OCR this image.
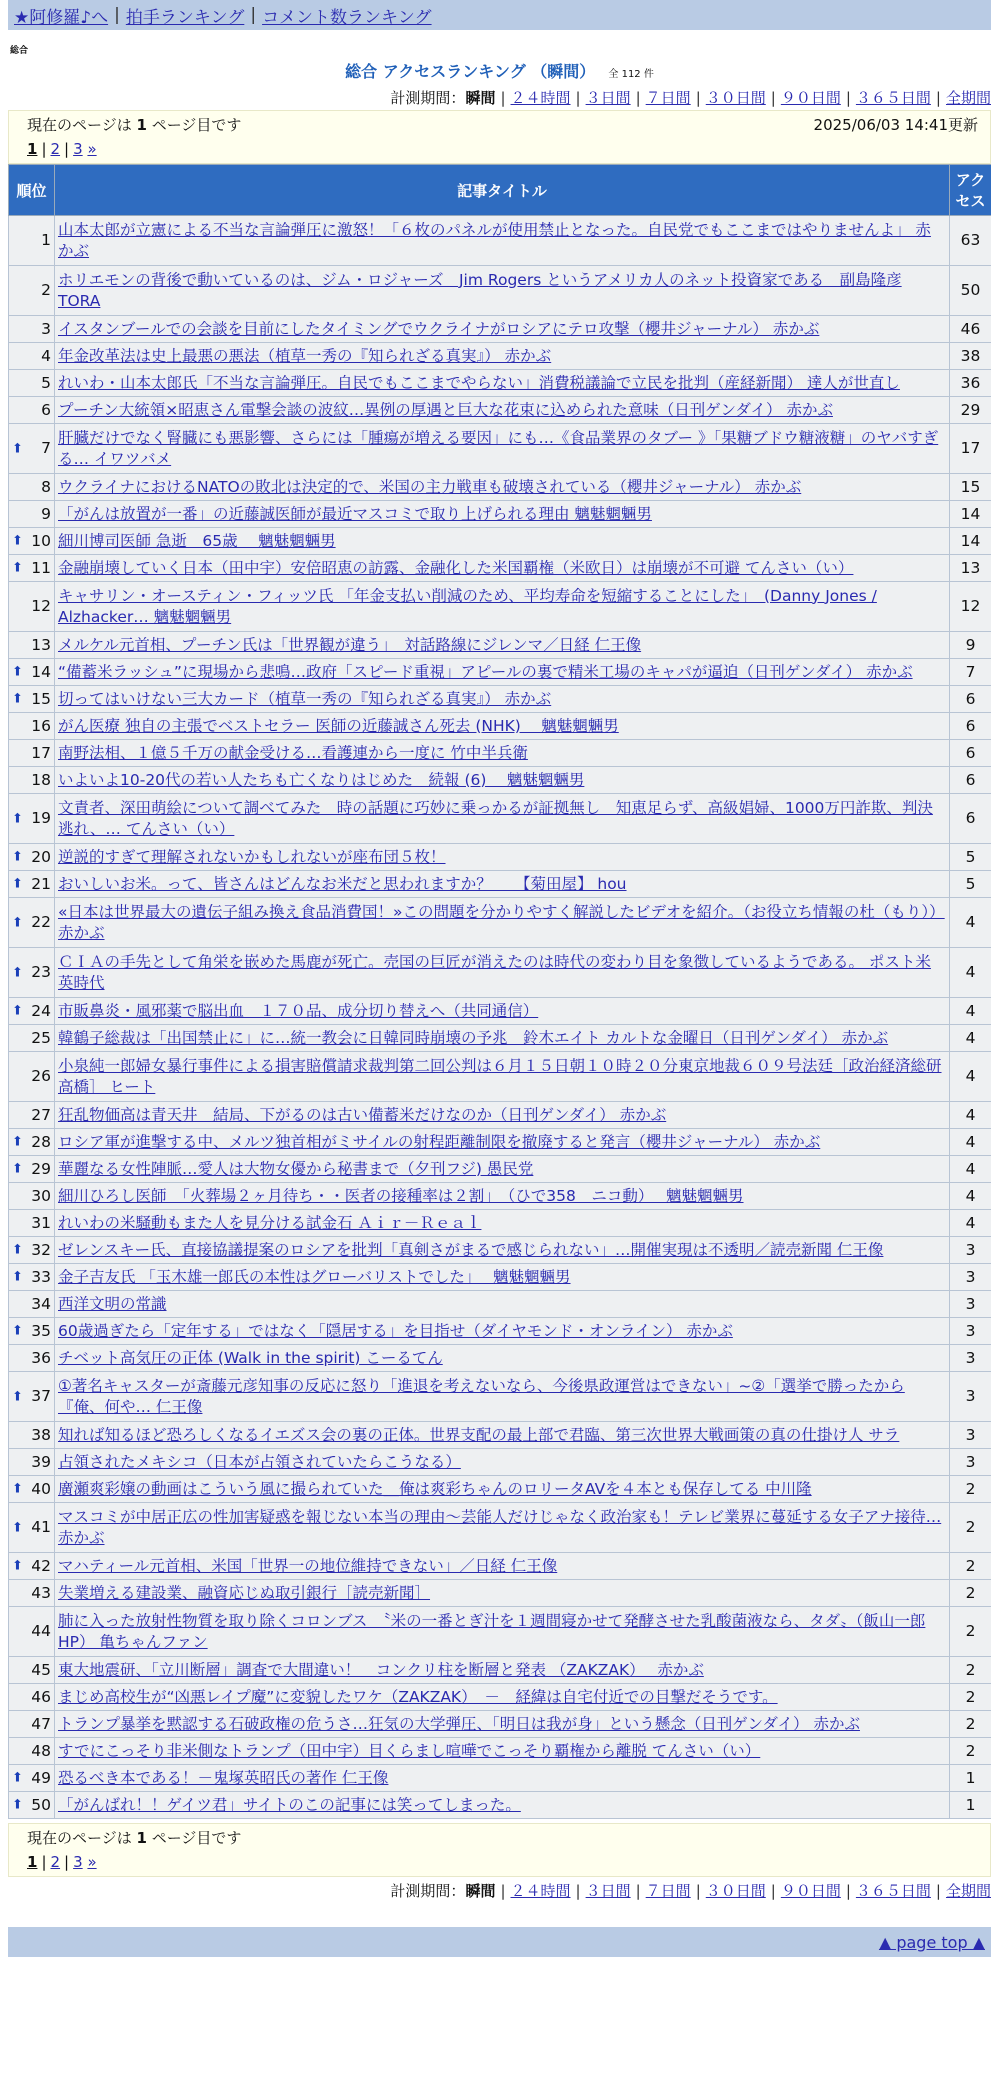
★阿修羅♪へ | 拍手ランキング | コメント数ランキング
総合
総合 アクセスランキング （瞬間） 全 112 件
計測期間：瞬間 | ２４時間 | ３日間 | ７日間 | ３０日間 | ９０日間 | ３６５日間 | 全期間
現在のページは 1 ページ目です	2025/06/03 14:41更新
1 | 2 | 3 »
順位	記事タイトル	アクセス
1	山本太郎が立憲による不当な言論弾圧に激怒！「６枚のパネルが使用禁止となった。自民党でもここまではやりませんよ」 赤かぶ	63
2	ホリエモンの背後で動いているのは、ジム・ロジャーズ　Jim Rogers というアメリカ人のネット投資家である　副島隆彦 TORA	50
3	イスタンブールでの会談を目前にしたタイミングでウクライナがロシアにテロ攻撃（櫻井ジャーナル） 赤かぶ	46
4	年金改革法は史上最悪の悪法（植草一秀の『知られざる真実』） 赤かぶ	38
5	れいわ・山本太郎氏「不当な言論弾圧。自民でもここまでやらない」消費税議論で立民を批判（産経新聞） 達人が世直し	36
6	プーチン大統領×昭恵さん電撃会談の波紋…異例の厚遇と巨大な花束に込められた意味（日刊ゲンダイ） 赤かぶ	29

⬆ 7	肝臓だけでなく腎臓にも悪影響、さらには「腫瘍が増える要因」にも…《食品業界のタブー 》「果糖ブドウ糖液糖」のヤバすぎる… イワツバメ	17
8	ウクライナにおけるNATOの敗北は決定的で、米国の主力戦車も破壊されている（櫻井ジャーナル） 赤かぶ	15
9	「がんは放置が一番」の近藤誠医師が最近マスコミで取り上げられる理由 魑魅魍魎男	14

⬆ 10	細川博司医師 急逝　65歳　 魑魅魍魎男	14

⬆ 11	金融崩壊していく日本（田中宇）安倍昭恵の訪露、金融化した米国覇権（米欧日）は崩壊が不可避 てんさい（い）	13
12	キャサリン・オースティン・フィッツ氏 「年金支払い削減のため、平均寿命を短縮することにした」　(Danny Jones / Alzhacker… 魑魅魍魎男	12
13	メルケル元首相、プーチン氏は「世界観が違う」　対話路線にジレンマ／日経 仁王像	9

⬆ 14	“備蓄米ラッシュ”に現場から悲鳴…政府「スピード重視」アピールの裏で精米工場のキャパが逼迫（日刊ゲンダイ） 赤かぶ	7

⬆ 15	切ってはいけない三大カード（植草一秀の『知られざる真実』） 赤かぶ	6
16	がん医療 独自の主張でベストセラー 医師の近藤誠さん死去 (NHK)　 魑魅魍魎男	6
17	南野法相、１億５千万の献金受ける…看護連から一度に 竹中半兵衛	6
18	いよいよ10-20代の若い人たちも亡くなりはじめた　続報 (6)　 魑魅魍魎男	6

⬆ 19	文責者、深田萌絵について調べてみた　時の話題に巧妙に乗っかるが証拠無し　知恵足らず、高級娼婦、1000万円詐欺、判決逃れ、… てんさい（い）	6

⬆ 20	逆説的すぎて理解されないかもしれないが座布団５枚！	5

⬆ 21	おいしいお米。って、皆さんはどんなお米だと思われますか？　　【菊田屋】 hou	5

⬆ 22	«日本は世界最大の遺伝子組み換え食品消費国！»この問題を分かりやすく解説したビデオを紹介。（お役立ち情報の杜（もり）） 赤かぶ	4

⬆ 23	ＣＩＡの手先として角栄を嵌めた馬鹿が死亡。売国の巨匠が消えたのは時代の変わり目を象徴しているようである。 ポスト米英時代	4

⬆ 24	市販鼻炎・風邪薬で脳出血　１７０品、成分切り替えへ（共同通信）	4
25	韓鶴子総裁は「出国禁止に」に…統一教会に日韓同時崩壊の予兆　鈴木エイト カルトな金曜日（日刊ゲンダイ） 赤かぶ	4
26	小泉純一郎婦女暴行事件による損害賠償請求裁判第二回公判は６月１５日朝１０時２０分東京地裁６０９号法廷［政治経済総研高橋］ ヒート	4
27	狂乱物価高は青天井　結局、下がるのは古い備蓄米だけなのか（日刊ゲンダイ） 赤かぶ	4

⬆ 28	ロシア軍が進撃する中、メルツ独首相がミサイルの射程距離制限を撤廃すると発言（櫻井ジャーナル） 赤かぶ	4

⬆ 29	華麗なる女性陣脈…愛人は大物女優から秘書まで（夕刊フジ) 愚民党	4
30	細川ひろし医師　「火葬場２ヶ月待ち・・医者の接種率は２割」　（ひで358　ニコ動）　 魑魅魍魎男	4
31	れいわの米騒動もまた人を見分ける試金石 Ａｉｒ－Ｒｅａｌ	4

⬆ 32	ゼレンスキー氏、直接協議提案のロシアを批判「真剣さがまるで感じられない」…開催実現は不透明／読売新聞 仁王像	3

⬆ 33	金子吉友氏 「玉木雄一郎氏の本性はグローバリストでした」　 魑魅魍魎男	3
34	西洋文明の常識	3

⬆ 35	60歳過ぎたら「定年する」ではなく「隠居する」を目指せ（ダイヤモンド・オンライン） 赤かぶ	3
36	チベット高気圧の正体 (Walk in the spirit) こーるてん	3

⬆ 37	①著名キャスターが斎藤元彦知事の反応に怒り「進退を考えないなら、今後県政運営はできない」~②「選挙で勝ったから『俺、何や… 仁王像	3
38	知れば知るほど恐ろしくなるイエズス会の裏の正体。世界支配の最上部で君臨、第三次世界大戦画策の真の仕掛け人 サラ	3
39	占領されたメキシコ（日本が占領されていたらこうなる）	3

⬆ 40	廣瀬爽彩嬢の動画はこういう風に撮られていた＿俺は爽彩ちゃんのロリータAVを４本とも保存してる 中川隆	2

⬆ 41	マスコミが中居正広の性加害疑惑を報じない本当の理由〜芸能人だけじゃなく政治家も！テレビ業界に蔓延する女子アナ接待… 赤かぶ	2

⬆ 42	マハティール元首相、米国「世界一の地位維持できない」／日経 仁王像	2
43	失業増える建設業、融資応じぬ取引銀行［読売新聞］	2
44	肺に入った放射性物質を取り除くコロンブス　〝米の一番とぎ汁を１週間寝かせて発酵させた乳酸菌液なら、タダ〟（飯山一郎HP） 亀ちゃんファン	2
45	東大地震研、「立川断層」調査で大間違い！　コンクリ柱を断層と発表 （ZAKZAK）　 赤かぶ	2
46	まじめ高校生が“凶悪レイプ魔”に変貌したワケ（ZAKZAK）　－　経緯は自宅付近での目撃だそうです。	2
47	トランプ暴挙を黙認する石破政権の危うさ…狂気の大学弾圧、「明日は我が身」という懸念（日刊ゲンダイ） 赤かぶ	2
48	すでにこっそり非米側なトランプ（田中宇）目くらまし喧嘩でこっそり覇権から離脱 てんさい（い）	2

⬆ 49	恐るべき本である！－鬼塚英昭氏の著作 仁王像	1

⬆ 50	「がんばれ！！ゲイツ君」サイトのこの記事には笑ってしまった。	1
現在のページは 1 ページ目です
1 | 2 | 3 »
計測期間：瞬間 | ２４時間 | ３日間 | ７日間 | ３０日間 | ９０日間 | ３６５日間 | 全期間
▲ page top ▲
